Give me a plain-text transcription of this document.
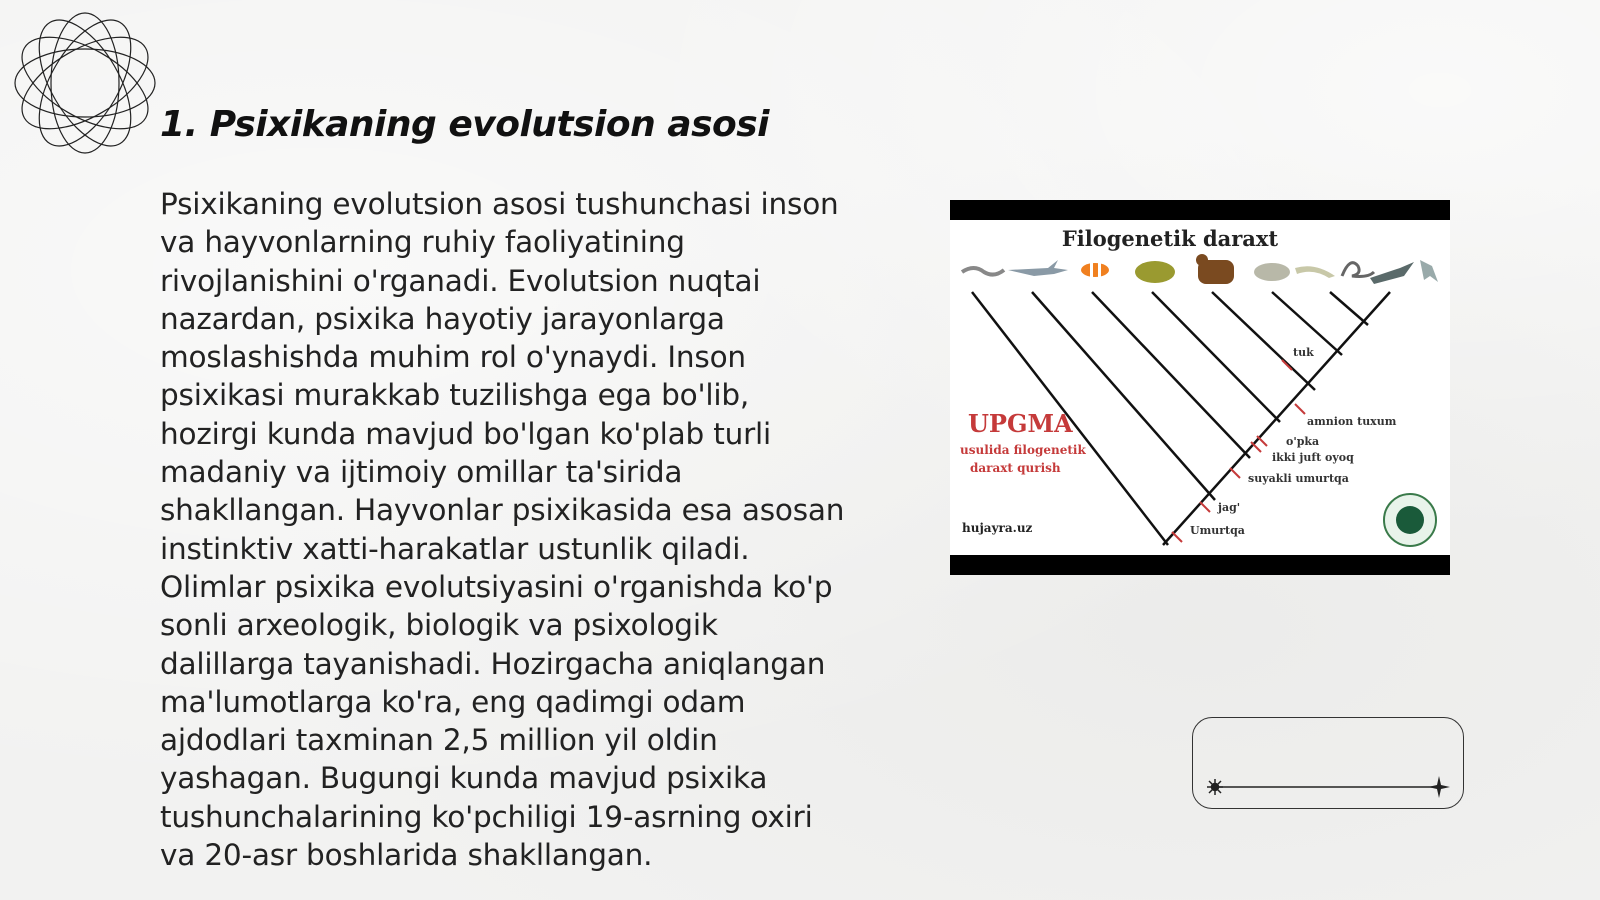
1. Psixikaning evolutsion asosi

Psixikaning evolutsion asosi tushunchasi inson va hayvonlarning ruhiy faoliyatining rivojlanishini o'rganadi. Evolutsion nuqtai nazardan, psixika hayotiy jarayonlarga moslashishda muhim rol o'ynaydi. Inson psixikasi murakkab tuzilishga ega bo'lib, hozirgi kunda mavjud bo'lgan ko'plab turli madaniy va ijtimoiy omillar ta'sirida shakllangan. Hayvonlar psixikasida esa asosan instinktiv xatti-harakatlar ustunlik qiladi. Olimlar psixika evolutsiyasini o'rganishda ko'p sonli arxeologik, biologik va psixologik dalillarga tayanishadi. Hozirgacha aniqlangan ma'lumotlarga ko'ra, eng qadimgi odam ajdodlari taxminan 2,5 million yil oldin yashagan. Bugungi kunda mavjud psixika tushunchalarining ko'pchiligi 19-asrning oxiri va 20-asr boshlarida shakllangan.

Filogenetik daraxt
tuk
amnion tuxum
o'pka
ikki juft oyoq
suyakli umurtqa
jag'
Umurtqa
UPGMA
usulida filogenetik
daraxt qurish
hujayra.uz
